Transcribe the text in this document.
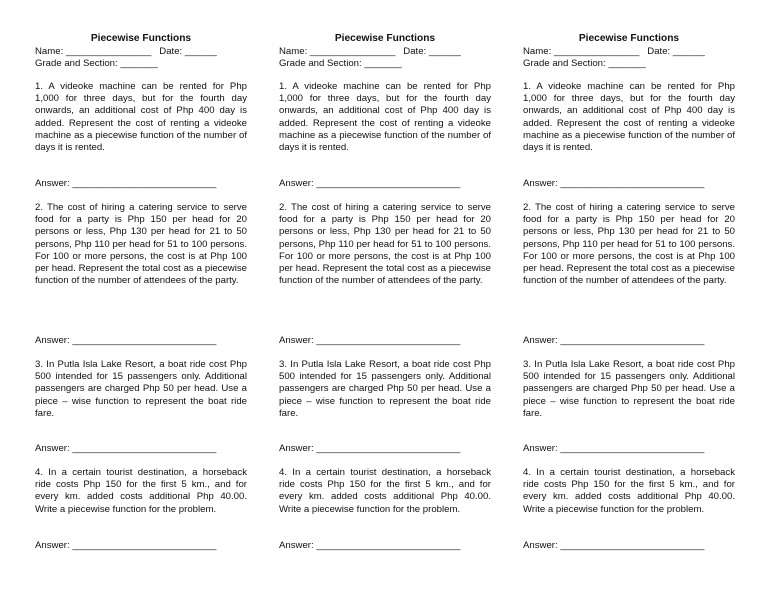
Piecewise Functions
Name: ________________   Date: ______
Grade and Section: _______
1. A videoke machine can be rented for Php 1,000 for three days, but for the fourth day onwards, an additional cost of Php 400 day is added. Represent the cost of renting a videoke machine as a piecewise function of the number of days it is rented.
Answer: ___________________________
2. The cost of hiring a catering service to serve food for a party is Php 150 per head for 20 persons or less, Php 130 per head for 21 to 50 persons, Php 110 per head for 51 to 100 persons. For 100 or more persons, the cost is at Php 100 per head. Represent the total cost as a piecewise function of the number of attendees of the party.
Answer: ___________________________
3. In Putla Isla Lake Resort, a boat ride cost Php 500 intended for 15 passengers only. Additional passengers are charged Php 50 per head. Use a piece – wise function to represent the boat ride fare.
Answer: ___________________________
4. In a certain tourist destination, a horseback ride costs Php 150 for the first 5 km., and for every km. added costs additional Php 40.00. Write a piecewise function for the problem.
Answer: ___________________________
Piecewise Functions
Name: ________________   Date: ______
Grade and Section: _______
1. A videoke machine can be rented for Php 1,000 for three days, but for the fourth day onwards, an additional cost of Php 400 day is added. Represent the cost of renting a videoke machine as a piecewise function of the number of days it is rented.
Answer: ___________________________
2. The cost of hiring a catering service to serve food for a party is Php 150 per head for 20 persons or less, Php 130 per head for 21 to 50 persons, Php 110 per head for 51 to 100 persons. For 100 or more persons, the cost is at Php 100 per head. Represent the total cost as a piecewise function of the number of attendees of the party.
Answer: ___________________________
3. In Putla Isla Lake Resort, a boat ride cost Php 500 intended for 15 passengers only. Additional passengers are charged Php 50 per head. Use a piece – wise function to represent the boat ride fare.
Answer: ___________________________
4. In a certain tourist destination, a horseback ride costs Php 150 for the first 5 km., and for every km. added costs additional Php 40.00. Write a piecewise function for the problem.
Answer: ___________________________
Piecewise Functions
Name: ________________   Date: ______
Grade and Section: _______
1. A videoke machine can be rented for Php 1,000 for three days, but for the fourth day onwards, an additional cost of Php 400 day is added. Represent the cost of renting a videoke machine as a piecewise function of the number of days it is rented.
Answer: ___________________________
2. The cost of hiring a catering service to serve food for a party is Php 150 per head for 20 persons or less, Php 130 per head for 21 to 50 persons, Php 110 per head for 51 to 100 persons. For 100 or more persons, the cost is at Php 100 per head. Represent the total cost as a piecewise function of the number of attendees of the party.
Answer: ___________________________
3. In Putla Isla Lake Resort, a boat ride cost Php 500 intended for 15 passengers only. Additional passengers are charged Php 50 per head. Use a piece – wise function to represent the boat ride fare.
Answer: ___________________________
4. In a certain tourist destination, a horseback ride costs Php 150 for the first 5 km., and for every km. added costs additional Php 40.00. Write a piecewise function for the problem.
Answer: ___________________________
